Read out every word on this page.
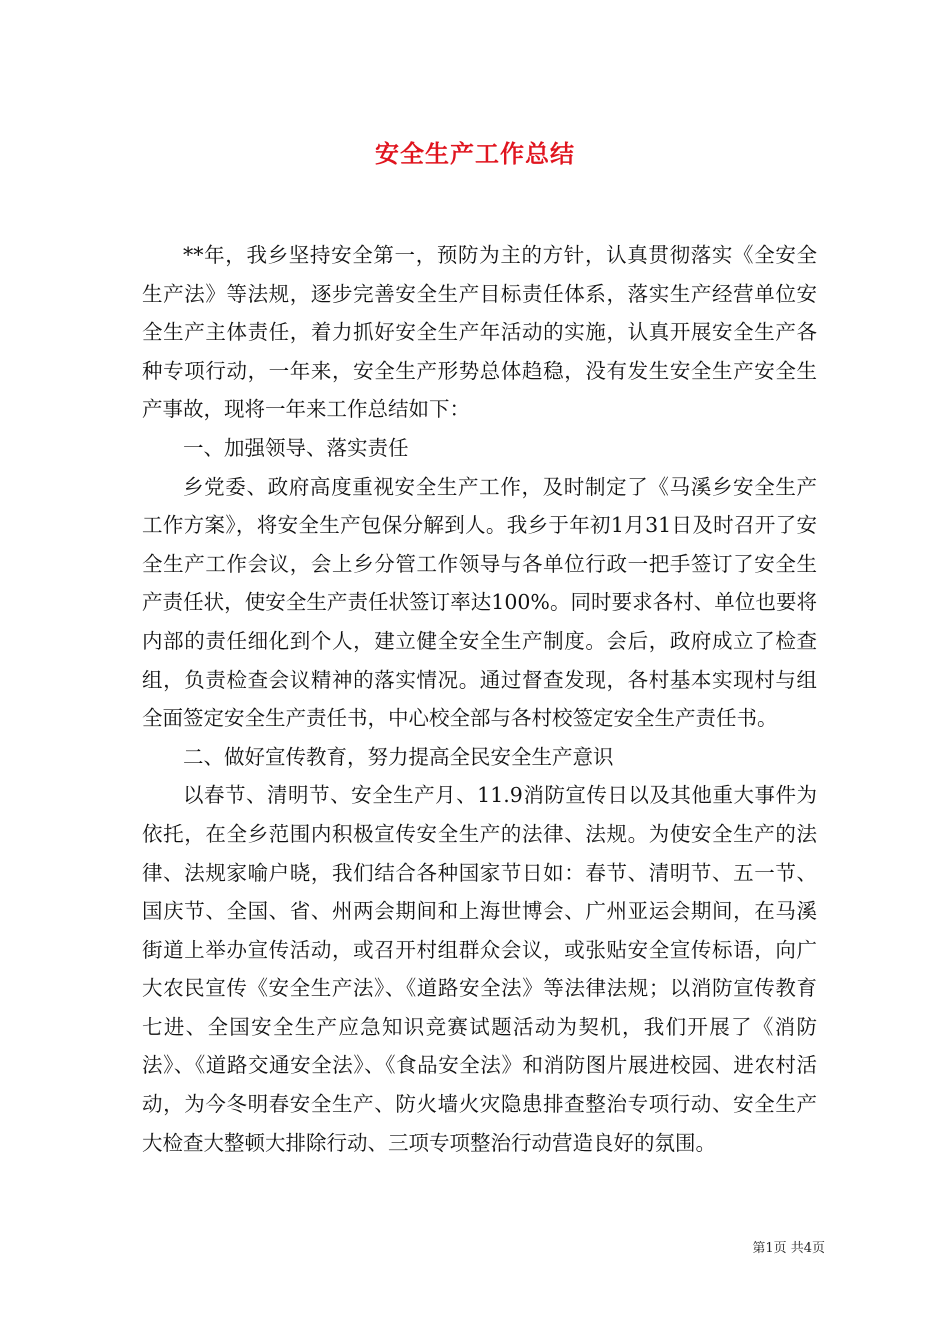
安全生产工作总结

**年，我乡坚持安全第一，预防为主的方针，认真贯彻落实《全安全生产法》等法规，逐步完善安全生产目标责任体系，落实生产经营单位安全生产主体责任，着力抓好安全生产年活动的实施，认真开展安全生产各种专项行动，一年来，安全生产形势总体趋稳，没有发生安全生产安全生产事故，现将一年来工作总结如下：

一、加强领导、落实责任

乡党委、政府高度重视安全生产工作，及时制定了《马溪乡安全生产工作方案》，将安全生产包保分解到人。我乡于年初1月31日及时召开了安全生产工作会议，会上乡分管工作领导与各单位行政一把手签订了安全生产责任状，使安全生产责任状签订率达100%。同时要求各村、单位也要将内部的责任细化到个人，建立健全安全生产制度。会后，政府成立了检查组，负责检查会议精神的落实情况。通过督查发现，各村基本实现村与组全面签定安全生产责任书，中心校全部与各村校签定安全生产责任书。

二、做好宣传教育，努力提高全民安全生产意识

以春节、清明节、安全生产月、11.9消防宣传日以及其他重大事件为依托，在全乡范围内积极宣传安全生产的法律、法规。为使安全生产的法律、法规家喻户晓，我们结合各种国家节日如：春节、清明节、五一节、国庆节、全国、省、州两会期间和上海世博会、广州亚运会期间，在马溪街道上举办宣传活动，或召开村组群众会议，或张贴安全宣传标语，向广大农民宣传《安全生产法》、《道路安全法》等法律法规；以消防宣传教育七进、全国安全生产应急知识竞赛试题活动为契机，我们开展了《消防法》、《道路交通安全法》、《食品安全法》和消防图片展进校园、进农村活动，为今冬明春安全生产、防火墙火灾隐患排查整治专项行动、安全生产大检查大整顿大排除行动、三项专项整治行动营造良好的氛围。

第1页 共4页
